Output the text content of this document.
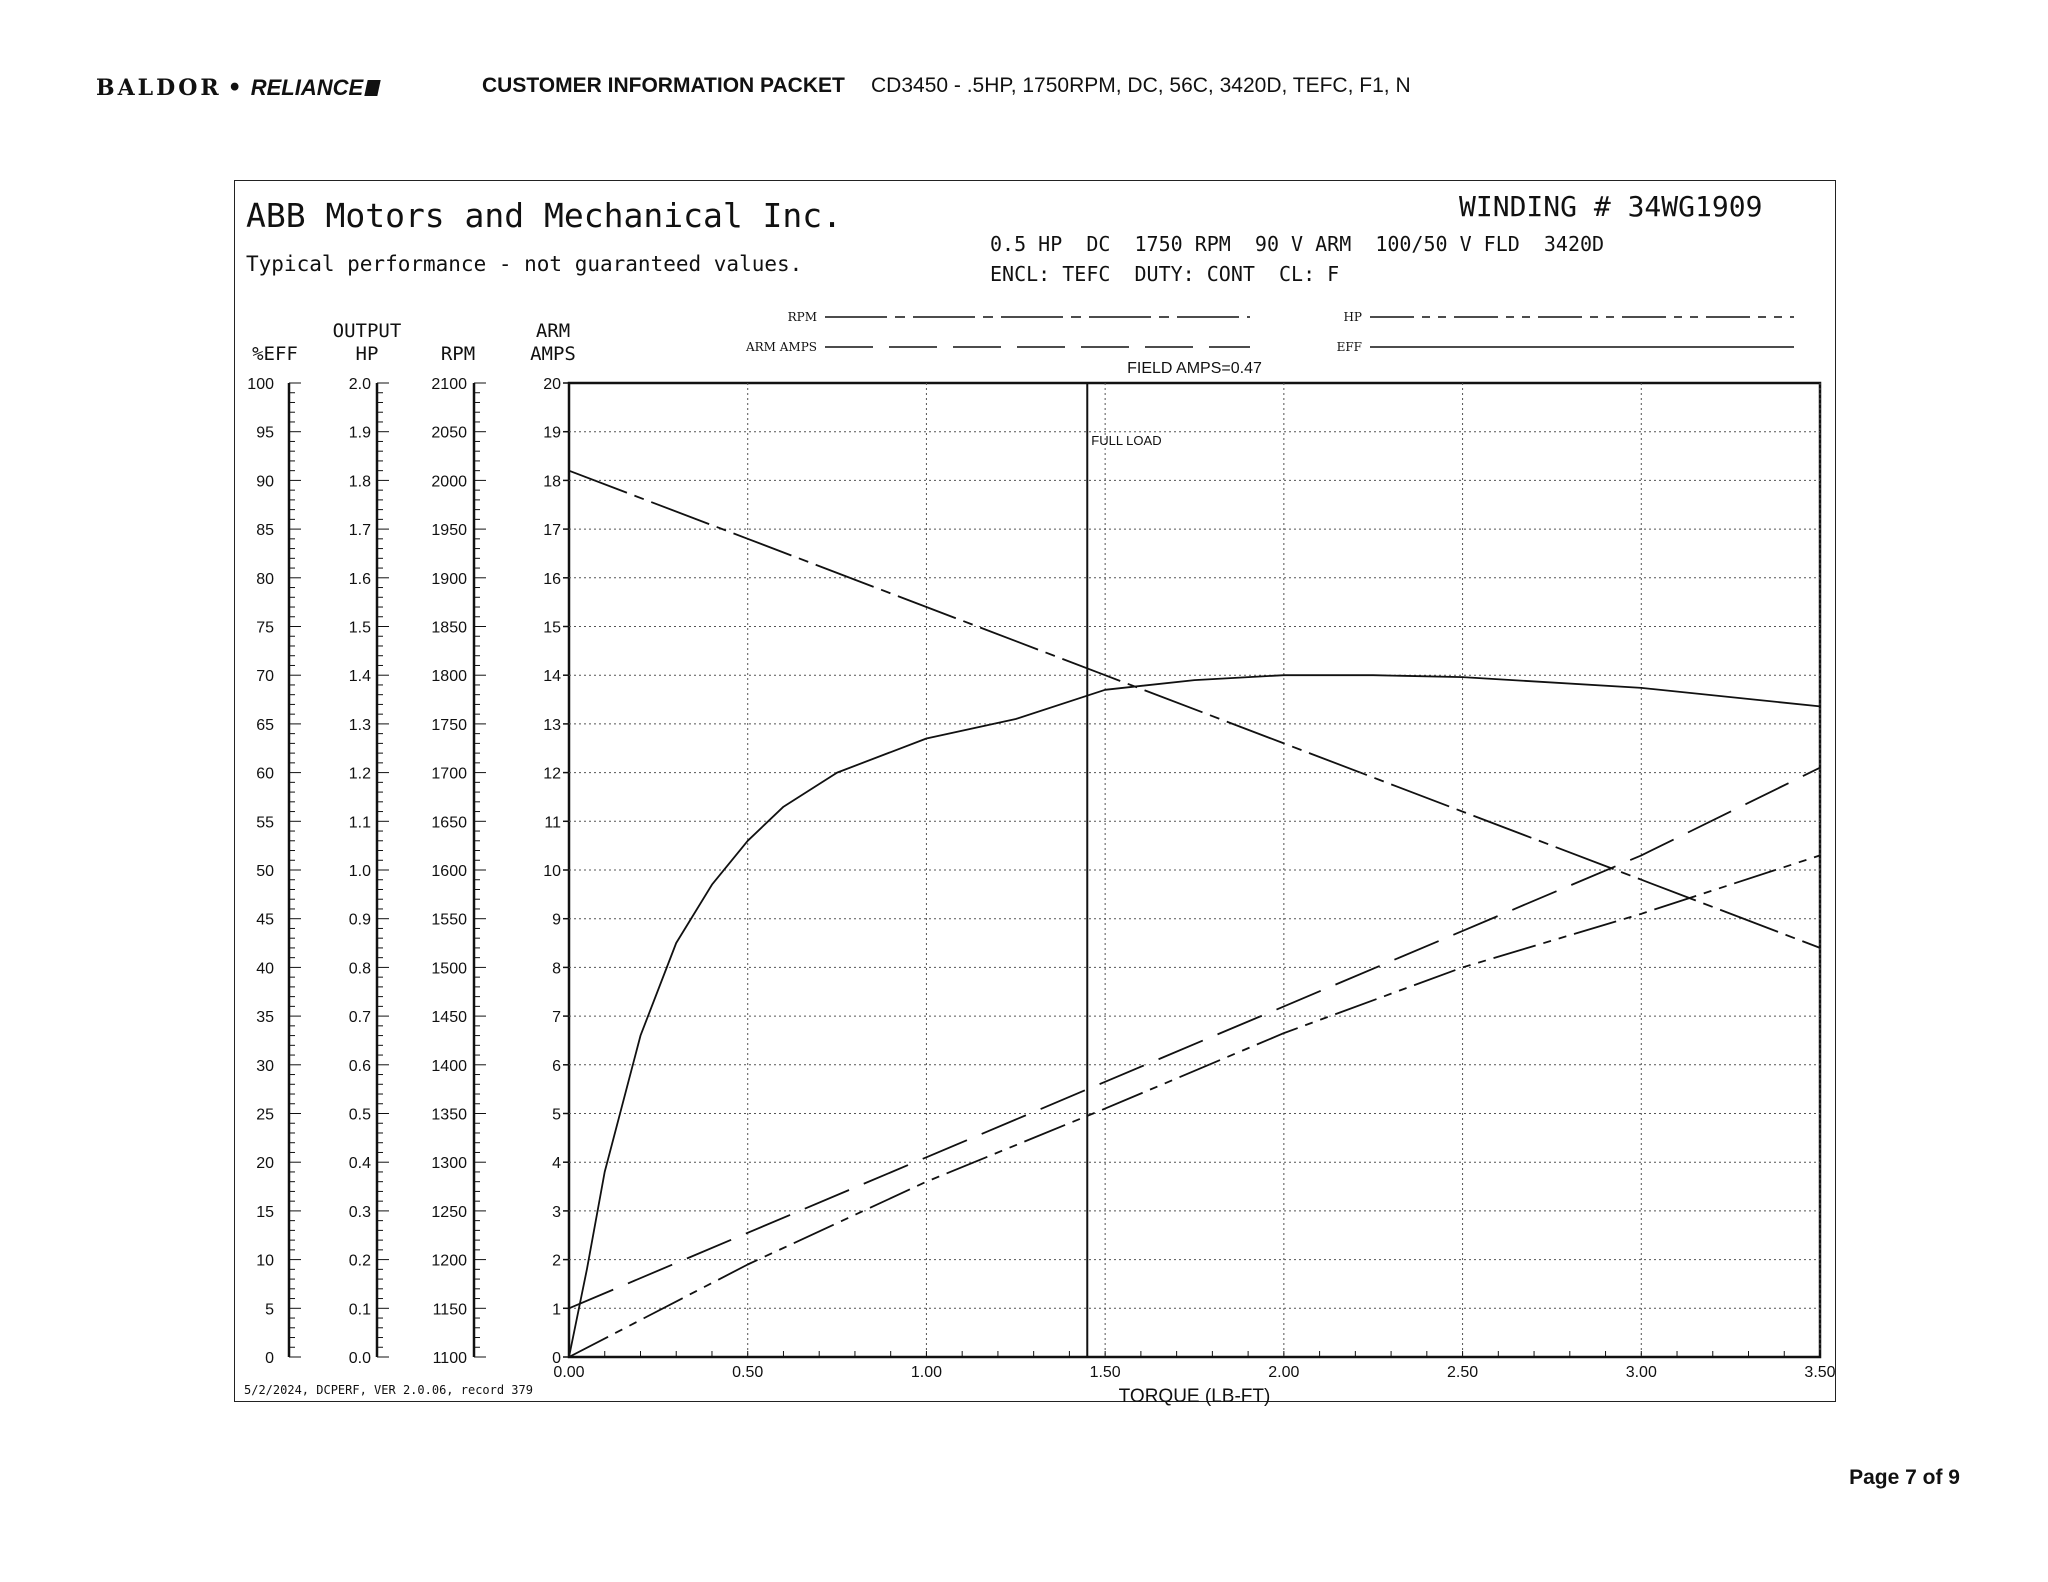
BALDOR • RELIANCE	CUSTOMER INFORMATION PACKET CD3450 - .5HP, 1750RPM, DC, 56C, 3420D, TEFC, F1, N
ABB Motors and Mechanical Inc.
Typical performance - not guaranteed values.
WINDING # 34WG1909
0.5 HP  DC  1750 RPM  90 V ARM  100/50 V FLD  3420D
ENCL: TEFC  DUTY: CONT  CL: F
5/2/2024, DCPERF, VER 2.0.06, record 379
0.00	0.50	1.00	1.50	2.00	2.50	3.00	3.50
TORQUE (LB-FT)
FIELD AMPS=0.47
FULL LOAD
0
5
10
15
20
25
30
35
40
45
50
55
60
65
70
75
80
85
90
95
100
%EFF
0.0
0.1
0.2
0.3
0.4
0.5
0.6
0.7
0.8
0.9
1.0
1.1
1.2
1.3
1.4
1.5
1.6
1.7
1.8
1.9
2.0
OUTPUT
HP
1100
1150
1200
1250
1300
1350
1400
1450
1500
1550
1600
1650
1700
1750
1800
1850
1900
1950
2000
2050
2100
RPM
0
1
2
3
4
5
6
7
8
9
10
11
12
13
14
15
16
17
18
19
20
ARM
AMPS
RPM
ARM AMPS
HP
EFF
Page 7 of 9
